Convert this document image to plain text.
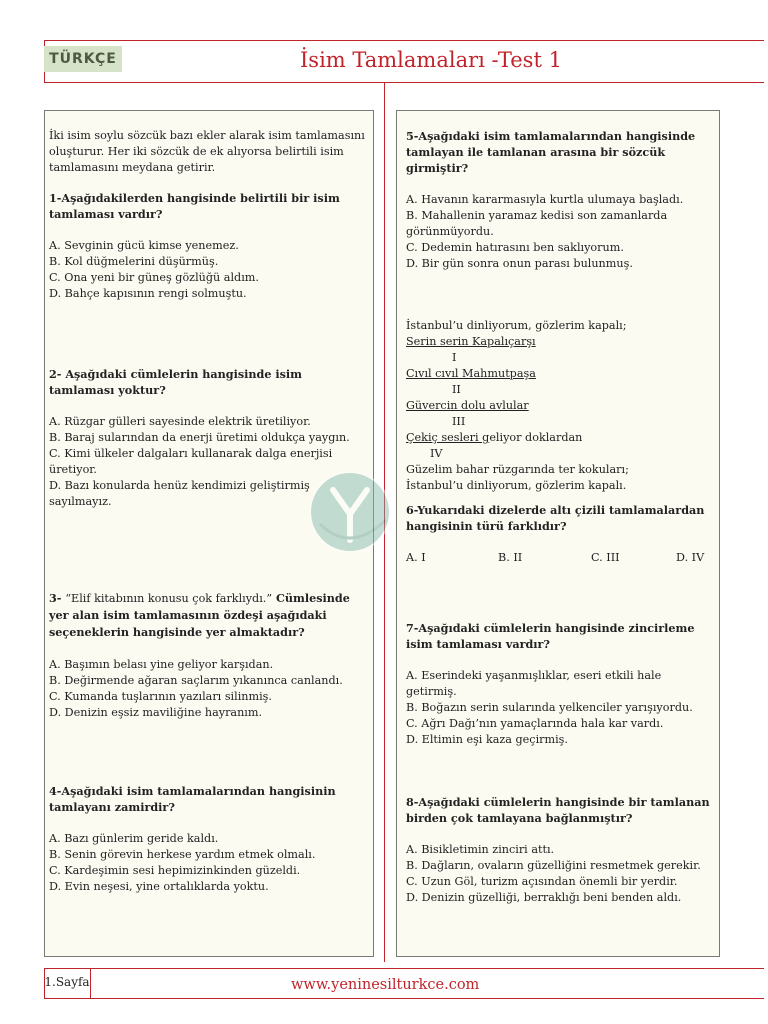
TÜRKÇE	İsim Tamlamaları -Test 1

İki isim soylu sözcük bazı ekler alarak isim tamlamasını oluşturur. Her iki sözcük de ek alıyorsa belirtili isim tamlamasını meydana getirir.

1-Aşağıdakilerden hangisinde belirtili bir isim tamlaması vardır?

A. Sevginin gücü kimse yenemez.

B. Kol düğmelerini düşürmüş.

C. Ona yeni bir güneş gözlüğü aldım.

D. Bahçe kapısının rengi solmuştu.

2- Aşağıdaki cümlelerin hangisinde isim tamlaması yoktur?

A. Rüzgar gülleri sayesinde elektrik üretiliyor.

B. Baraj sularından da enerji üretimi oldukça yaygın.

C. Kimi ülkeler dalgaları kullanarak dalga enerjisi üretiyor.

D. Bazı konularda henüz kendimizi geliştirmiş sayılmayız.

3- “Elif kitabının konusu çok farklıydı.” Cümlesinde yer alan isim tamlamasının özdeşi aşağıdaki seçeneklerin hangisinde yer almaktadır?

A. Başımın belası yine geliyor karşıdan.

B. Değirmende ağaran saçlarım yıkanınca canlandı.

C. Kumanda tuşlarının yazıları silinmiş.

D. Denizin eşsiz maviliğine hayranım.

4-Aşağıdaki isim tamlamalarından hangisinin tamlayanı zamirdir?

A. Bazı günlerim geride kaldı.

B. Senin görevin herkese yardım etmek olmalı.

C. Kardeşimin sesi hepimizinkinden güzeldi.

D. Evin neşesi, yine ortalıklarda yoktu.

5-Aşağıdaki isim tamlamalarından hangisinde tamlayan ile tamlanan arasına bir sözcük girmiştir?

A. Havanın kararmasıyla kurtla ulumaya başladı.

B. Mahallenin yaramaz kedisi son zamanlarda görünmüyordu.

C. Dedemin hatırasını ben saklıyorum.

D. Bir gün sonra onun parası bulunmuş.

İstanbul’u dinliyorum, gözlerim kapalı;

Serin serin Kapalıçarşı

I

Cıvıl cıvıl Mahmutpaşa

II

Güvercin dolu avlular

III

Çekiç sesleri geliyor doklardan

IV

Güzelim bahar rüzgarında ter kokuları;

İstanbul’u dinliyorum, gözlerim kapalı.

6-Yukarıdaki dizelerde altı çizili tamlamalardan hangisinin türü farklıdır?

A. I	B. II	C. III	D. IV

7-Aşağıdaki cümlelerin hangisinde zincirleme isim tamlaması vardır?

A. Eserindeki yaşanmışlıklar, eseri etkili hale getirmiş.

B. Boğazın serin sularında yelkenciler yarışıyordu.

C. Ağrı Dağı’nın yamaçlarında hala kar vardı.

D. Eltimin eşi kaza geçirmiş.

8-Aşağıdaki cümlelerin hangisinde bir tamlanan birden çok tamlayana bağlanmıştır?

A. Bisikletimin zinciri attı.

B. Dağların, ovaların güzelliğini resmetmek gerekir.

C. Uzun Göl, turizm açısından önemli bir yerdir.

D. Denizin güzelliği, berraklığı beni benden aldı.

1.Sayfa	www.yeninesilturkce.com
